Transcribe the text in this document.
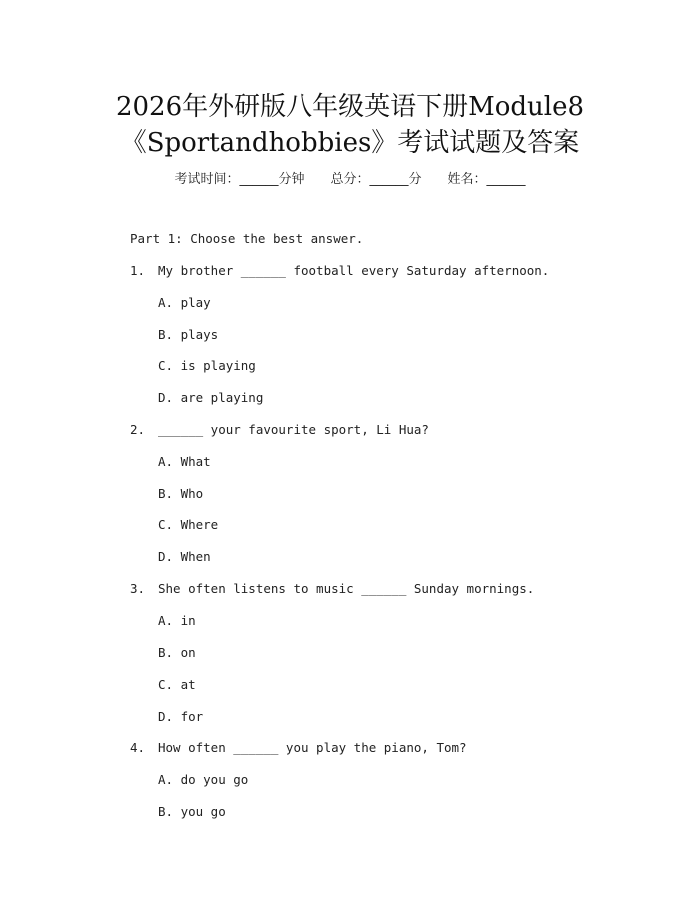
2026年外研版八年级英语下册Module8
《Sportandhobbies》考试试题及答案
考试时间：______分钟 总分：______分 姓名：______
Part 1: Choose the best answer.
1. My brother ______ football every Saturday afternoon.
A. play
B. plays
C. is playing
D. are playing
2. ______ your favourite sport, Li Hua?
A. What
B. Who
C. Where
D. When
3. She often listens to music ______ Sunday mornings.
A. in
B. on
C. at
D. for
4. How often ______ you play the piano, Tom?
A. do you go
B. you go
